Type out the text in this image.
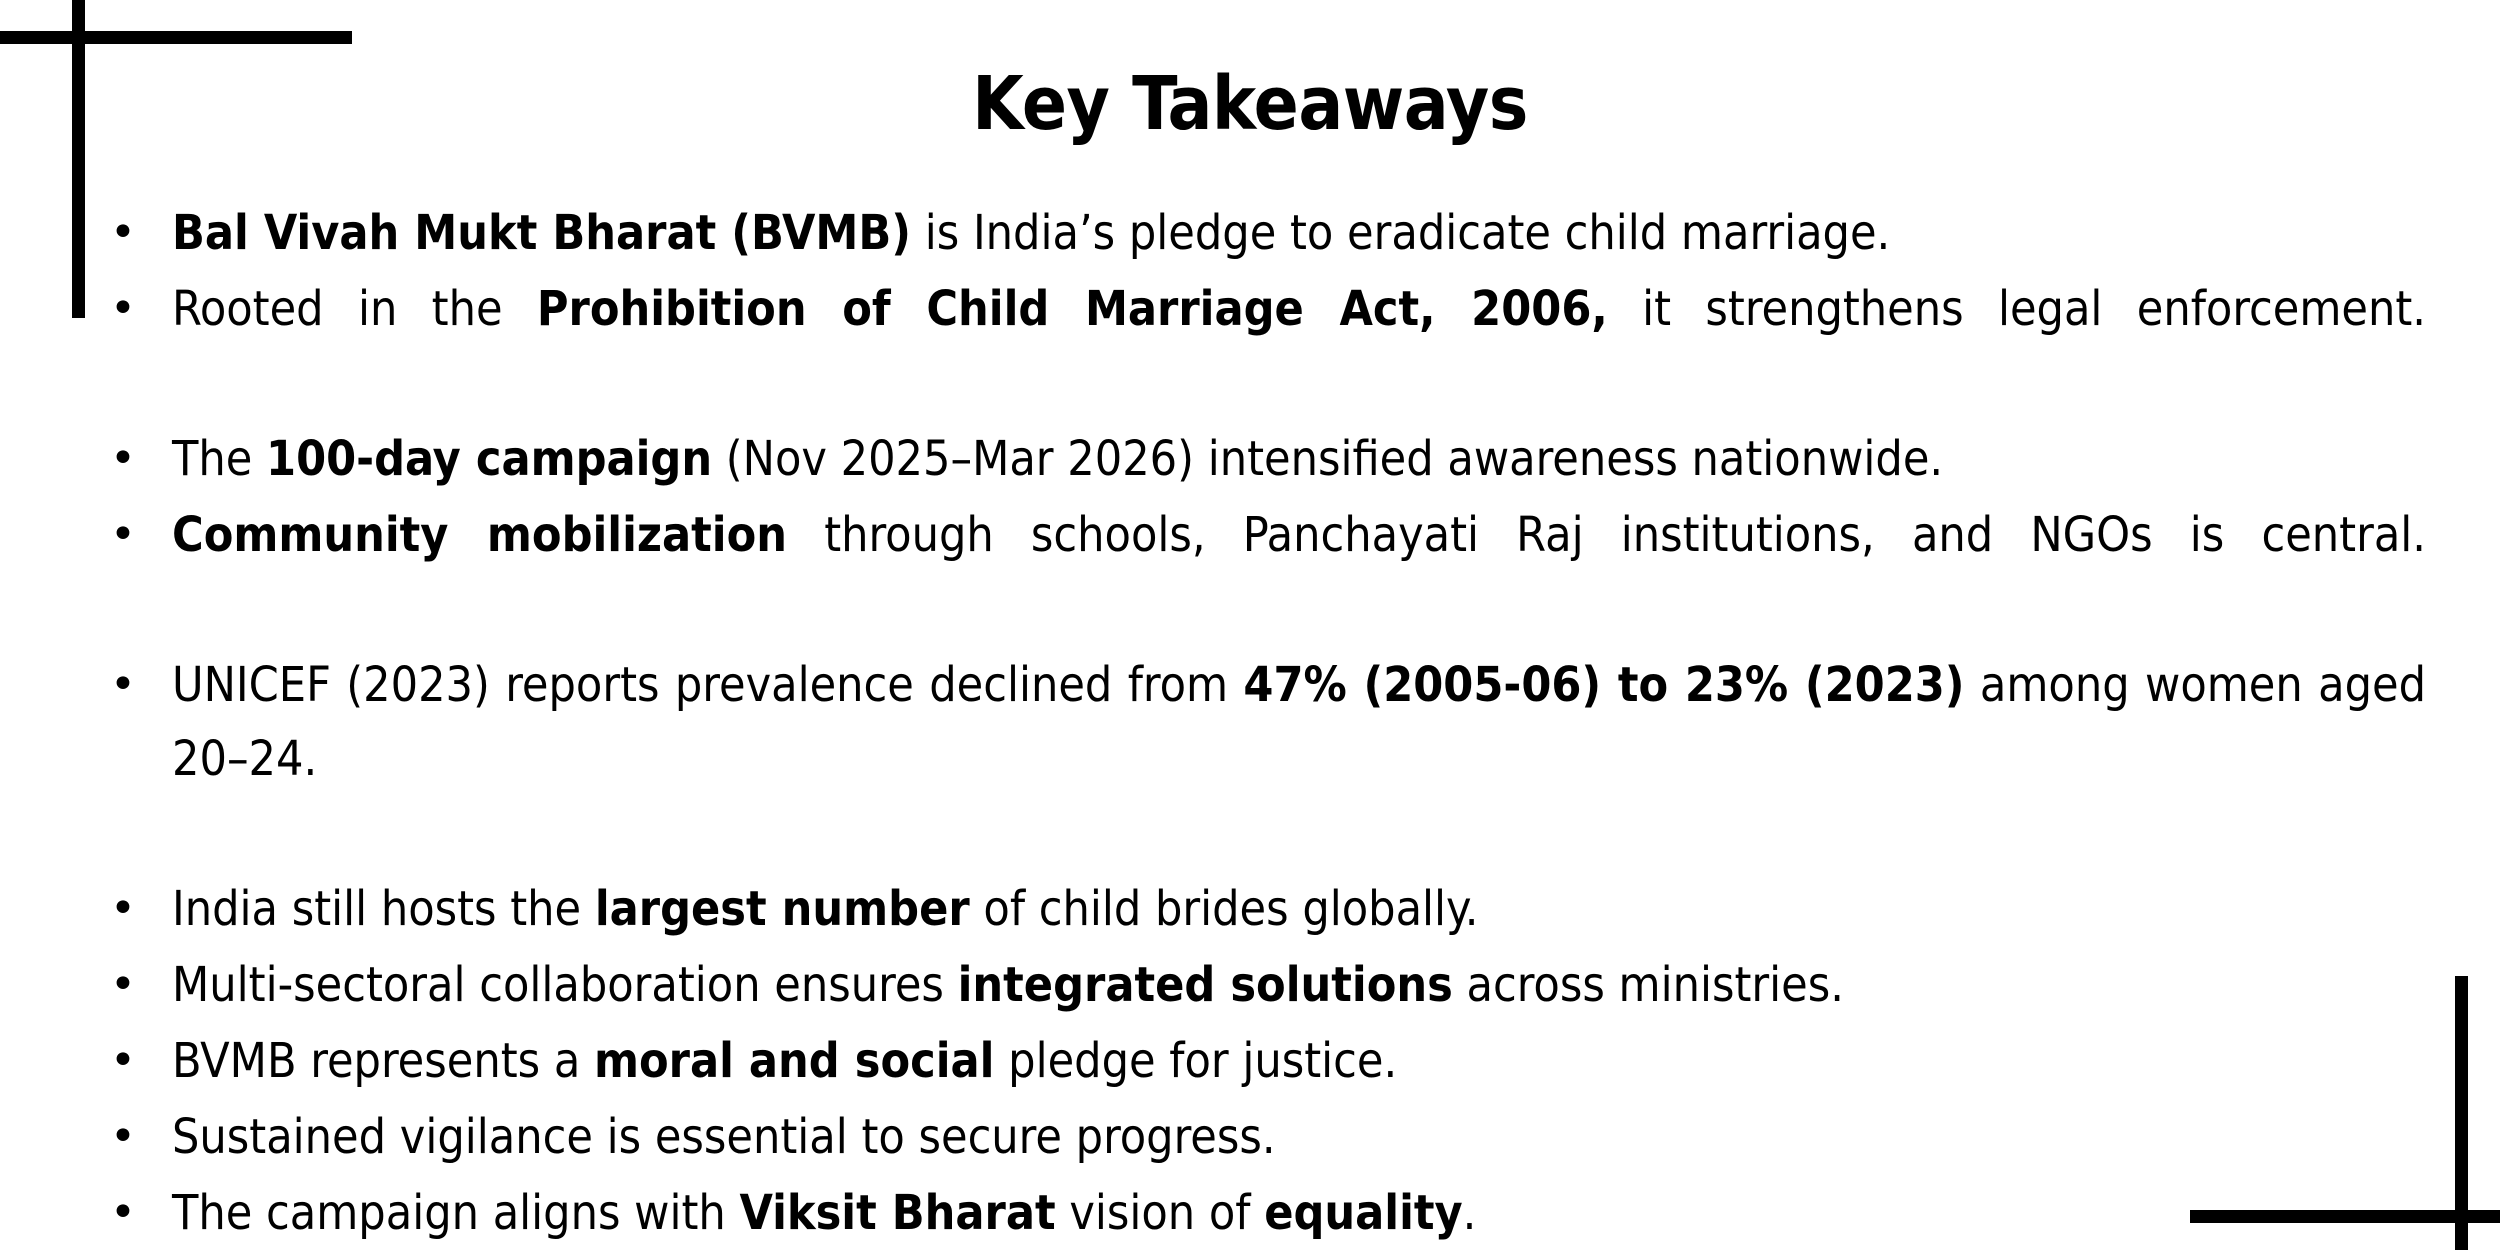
Key Takeaways
• Bal Vivah Mukt Bharat (BVMB) is India’s pledge to eradicate child marriage.
• Rooted in the Prohibition of Child Marriage Act, 2006, it strengthens legal enforcement.
• The 100-day campaign (Nov 2025–Mar 2026) intensified awareness nationwide.
• Community mobilization through schools, Panchayati Raj institutions, and NGOs is central.
• UNICEF (2023) reports prevalence declined from 47% (2005-06) to 23% (2023) among women aged 20–24.
• India still hosts the largest number of child brides globally.
• Multi-sectoral collaboration ensures integrated solutions across ministries.
• BVMB represents a moral and social pledge for justice.
• Sustained vigilance is essential to secure progress.
• The campaign aligns with Viksit Bharat vision of equality.
